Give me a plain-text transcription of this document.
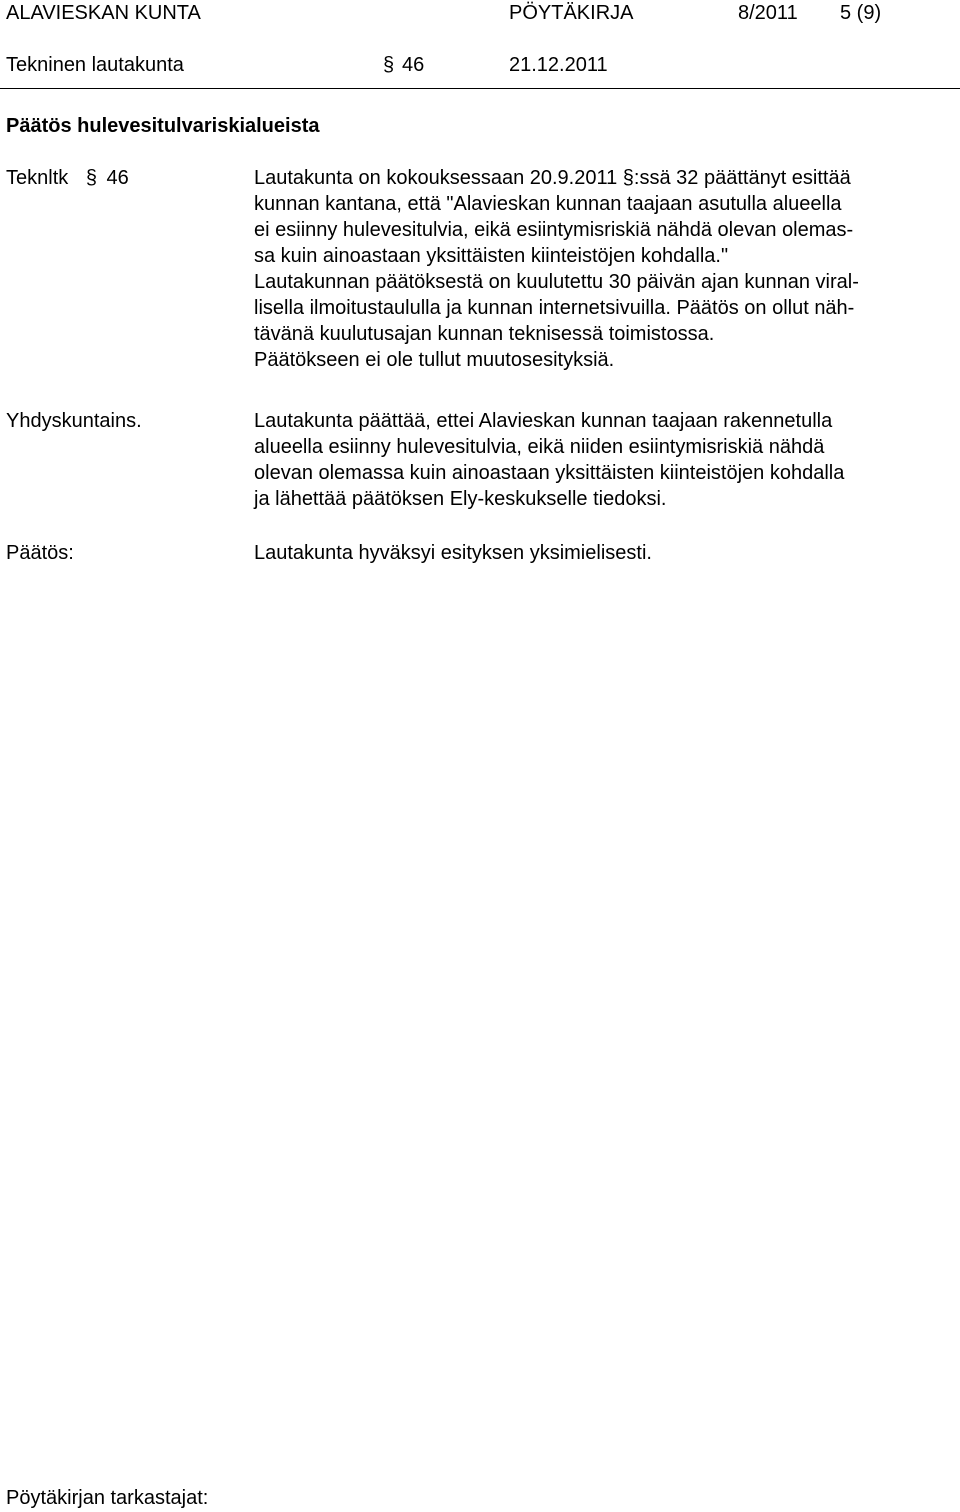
ALAVIESKAN KUNTA	PÖYTÄKIRJA	8/2011 5 (9)
Tekninen lautakunta	§ 46	21.12.2011
Päätös hulevesitulvariskialueista
Teknltk § 46	Lautakunta on kokouksessaan 20.9.2011 §:ssä 32 päättänyt esittää
kunnan kantana, että "Alavieskan kunnan taajaan asutulla alueella
ei esiinny hulevesitulvia, eikä esiintymisriskiä nähdä olevan olemas-
sa kuin ainoastaan yksittäisten kiinteistöjen kohdalla."
Lautakunnan päätöksestä on kuulutettu 30 päivän ajan kunnan viral-
lisella ilmoitustaululla ja kunnan internetsivuilla. Päätös on ollut näh-
tävänä kuulutusajan kunnan teknisessä toimistossa.
Päätökseen ei ole tullut muutosesityksiä.
Yhdyskuntains.	Lautakunta päättää, ettei Alavieskan kunnan taajaan rakennetulla
alueella esiinny hulevesitulvia, eikä niiden esiintymisriskiä nähdä
olevan olemassa kuin ainoastaan yksittäisten kiinteistöjen kohdalla
ja lähettää päätöksen Ely-keskukselle tiedoksi.
Päätös:	Lautakunta hyväksyi esityksen yksimielisesti.
Pöytäkirjan tarkastajat:
